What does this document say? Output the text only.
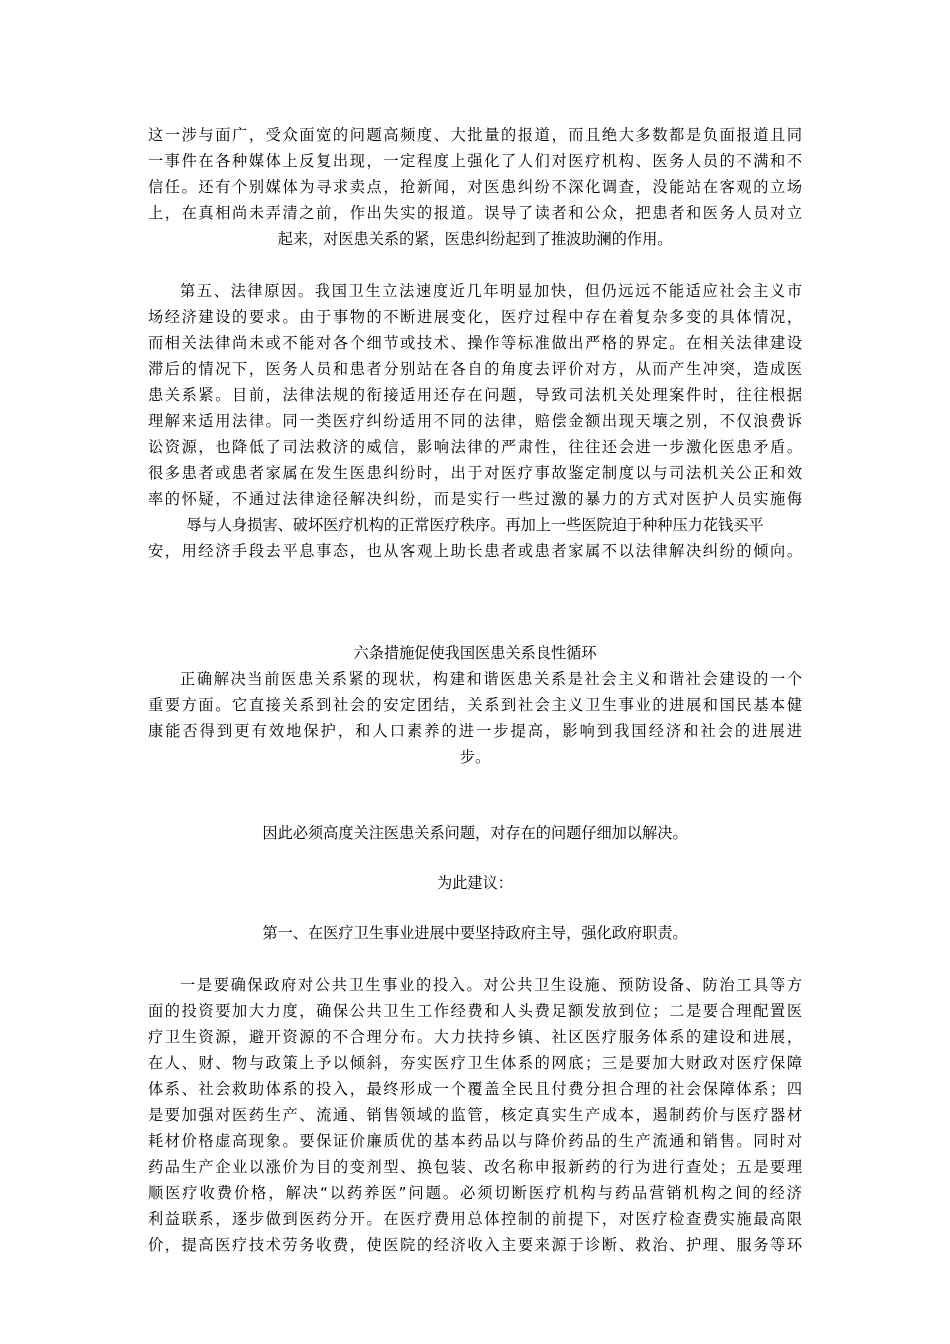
这一涉与面广，受众面宽的问题高频度、大批量的报道，而且绝大多数都是负面报道且同
一事件在各种媒体上反复出现，一定程度上强化了人们对医疗机构、医务人员的不满和不
信任。还有个别媒体为寻求卖点，抢新闻，对医患纠纷不深化调查，没能站在客观的立场
上，在真相尚未弄清之前，作出失实的报道。误导了读者和公众，把患者和医务人员对立
起来，对医患关系的紧，医患纠纷起到了推波助澜的作用。
第五、法律原因。我国卫生立法速度近几年明显加快，但仍远远不能适应社会主义市
场经济建设的要求。由于事物的不断进展变化，医疗过程中存在着复杂多变的具体情况，
而相关法律尚未或不能对各个细节或技术、操作等标准做出严格的界定。在相关法律建设
滞后的情况下，医务人员和患者分别站在各自的角度去评价对方，从而产生冲突，造成医
患关系紧。目前，法律法规的衔接适用还存在问题，导致司法机关处理案件时，往往根据
理解来适用法律。同一类医疗纠纷适用不同的法律，赔偿金额出现天壤之别，不仅浪费诉
讼资源，也降低了司法救济的威信，影响法律的严肃性，往往还会进一步激化医患矛盾。
很多患者或患者家属在发生医患纠纷时，出于对医疗事故鉴定制度以与司法机关公正和效
率的怀疑，不通过法律途径解决纠纷，而是实行一些过激的暴力的方式对医护人员实施侮
辱与人身损害、破坏医疗机构的正常医疗秩序。再加上一些医院迫于种种压力花钱买平
安，用经济手段去平息事态，也从客观上助长患者或患者家属不以法律解决纠纷的倾向。
六条措施促使我国医患关系良性循环
正确解决当前医患关系紧的现状，构建和谐医患关系是社会主义和谐社会建设的一个
重要方面。它直接关系到社会的安定团结，关系到社会主义卫生事业的进展和国民基本健
康能否得到更有效地保护，和人口素养的进一步提高，影响到我国经济和社会的进展进
步。
因此必须高度关注医患关系问题，对存在的问题仔细加以解决。
为此建议：
第一、在医疗卫生事业进展中要坚持政府主导，强化政府职责。
一是要确保政府对公共卫生事业的投入。对公共卫生设施、预防设备、防治工具等方
面的投资要加大力度，确保公共卫生工作经费和人头费足额发放到位；二是要合理配置医
疗卫生资源，避开资源的不合理分布。大力扶持乡镇、社区医疗服务体系的建设和进展，
在人、财、物与政策上予以倾斜，夯实医疗卫生体系的网底；三是要加大财政对医疗保障
体系、社会救助体系的投入，最终形成一个覆盖全民且付费分担合理的社会保障体系；四
是要加强对医药生产、流通、销售领域的监管，核定真实生产成本，遏制药价与医疗器材
耗材价格虚高现象。要保证价廉质优的基本药品以与降价药品的生产流通和销售。同时对
药品生产企业以涨价为目的变剂型、换包装、改名称申报新药的行为进行查处；五是要理
顺医疗收费价格，解决“以药养医”问题。必须切断医疗机构与药品营销机构之间的经济
利益联系，逐步做到医药分开。在医疗费用总体控制的前提下，对医疗检查费实施最高限
价，提高医疗技术劳务收费，使医院的经济收入主要来源于诊断、救治、护理、服务等环
